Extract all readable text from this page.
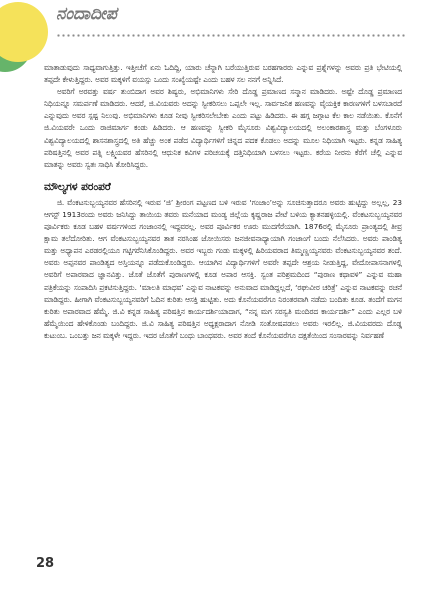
ನಂದಾದೀಪ

ಮಾತಾಡುವುದು ಸಾಧ್ಯವಾಗುತ್ತಿತ್ತು. ಇತ್ತೀಚೆಗೆ ಏನು ಓದಿದ್ದಿ, ಯಾರು ಚೆನ್ನಾಗಿ ಬರೆಯುತ್ತಿರುವ ಬರಹಗಾರರು ಎನ್ನುವ ಪ್ರಶ್ನೆಗಳನ್ನು ಅವರು ಪ್ರತಿ ಭೇಟಿಯಲ್ಲಿ ತಪ್ಪದೇ ಕೇಳುತ್ತಿದ್ದರು. ಅವರ ಮಕ್ಕಳಿಗೆ ವಯಸ್ಸು ಒಂದು ಸಂಖ್ಯೆಯಷ್ಟೇ ಎಂದು ಬಹಳ ಸಲ ನನಗೆ ಅನ್ನಿಸಿದೆ.

ಅವರಿಗೆ ಅರವತ್ತು ವರ್ಷ ತುಂಬಿದಾಗ ಅವರ ಶಿಷ್ಯರು, ಅಭಿಮಾನಿಗಳು ಸೇರಿ ದೊಡ್ಡ ಪ್ರಮಾಣದ ಸನ್ಮಾನ ಮಾಡಿದರು. ಅಷ್ಟೇ ದೊಡ್ಡ ಪ್ರಮಾಣದ ನಿಧಿಯನ್ನೂ ಸಮರ್ಪಣೆ ಮಾಡಿದರು. ಆದರೆ, ಜಿ.ವಿಯವರು ಅದನ್ನು ಸ್ವೀಕರಿಸಲು ಒಪ್ಪಲೇ ಇಲ್ಲ. ಸಾರ್ವಜನಿಕ ಹಣವನ್ನು ವೈಯಕ್ತಿಕ ಕಾರಣಗಳಿಗೆ ಬಳಸಬಾರದೆ ಎನ್ನುವುದು ಅವರ ಸ್ಪಷ್ಟ ನಿಲುವು. ಅಭಿಮಾನಿಗಳು ಕೂಡ ನೀವು ಸ್ವೀಕರಿಸಲೇಬೇಕು ಎಂದು ಪಟ್ಟು ಹಿಡಿದರು. ಈ ಹಗ್ಗ ಜಗ್ಗಾಟ ಕೆಲ ಕಾಲ ನಡೆಯಿತು. ಕೊನೆಗೆ ಜಿ.ವಿಯವರೇ ಒಂದು ರಾಜಿಮಾರ್ಗ ಕಂಡು ಹಿಡಿದರು. ಆ ಹಣವನ್ನು ಸ್ವೀಕರಿ ಮೈಸೂರು ವಿಶ್ವವಿದ್ಯಾಲಯದಲ್ಲಿ ಅಲಂಕಾರಶಾಸ್ತ್ರ ಮತ್ತು ಬೆಂಗಳೂರು ವಿಶ್ವವಿದ್ಯಾಲಯದಲ್ಲಿ ಶಾಸನಶಾಸ್ತ್ರದಲ್ಲಿ ಅತಿ ಹೆಚ್ಚು ಅಂಕ ಪಡೆದ ವಿದ್ಯಾರ್ಥಿಗಳಿಗೆ ಚಿನ್ನದ ಪದಕ ಕೊಡಲು ಅದನ್ನು ಮೂಲ ನಿಧಿಯಾಗಿ ಇಟ್ಟರು. ಕನ್ನಡ ಸಾಹಿತ್ಯ ಪರಿಷತ್ತಿನಲ್ಲಿ ಅವರ ಪತ್ನಿ ಲಕ್ಷ್ಮಿಯವರ ಹೆಸರಿನಲ್ಲಿ ಆಧುನಿಕ ಕವಿಗಳ ಪರಿಚಯಕ್ಕೆ ದತ್ತಿನಿಧಿಯಾಗಿ ಬಳಸಲು ಇಟ್ಟರು. ಕರೆಯ ನೀರನು ಕೆರೆಗೆ ಚೆಲ್ಲಿ ಎನ್ನುವ ಮಾತನ್ನು ಅವರು ಸ್ವತಃ ಸಾಧಿಸಿ ತೋರಿಸಿದ್ದರು.

ಮೌಲ್ಯಗಳ ಪರಂಪರೆ

ಜಿ. ವೆಂಕಟಸುಬ್ಬಯ್ಯನವರ ಹೆಸರಿನಲ್ಲಿ ಇರುವ ‘ಜಿ’ ಶ್ರೀರಂಗ ಪಟ್ಟಣದ ಬಳಿ ಇರುವ ‘ಗಂಜಾಂ’ಅನ್ನು ಸೂಚಿಸುತ್ತಾದರೂ ಅವರು ಹುಟ್ಟಿದ್ದು ಅಲ್ಲಲ್ಲ, 23 ಆಗಸ್ಟ್ 1913ರಂದು ಅವರು ಜನಿಸಿದ್ದು ತಾಯಿಯ ತವರು ಮನೆಯಾದ ಮಂಡ್ಯ ಜಿಲ್ಲೆಯ ಕೃಷ್ಣರಾಜ ಪೇಟೆ ಬಳಿಯ ಕ್ಯಾತನಹಳ್ಳಿಯಲ್ಲಿ. ವೆಂಕಟಸುಬ್ಬಯ್ಯನವರ ಪೂರ್ವಿಕರು ಕೂಡ ಬಹಳ ವರ್ಷಗಳಿಂದ ಗಂಜಾಂನಲ್ಲಿ ಇದ್ದವರಲ್ಲ. ಅವರ ಪೂರ್ವಿಕರ ಊರು ಮುದಗೆರೆಯಾಗಿ. 1876ರಲ್ಲಿ ಮೈಸೂರು ಪ್ರಾಂತ್ಯದಲ್ಲಿ ತೀವ್ರ ಕ್ಷಾಮ ತಲೆದೋರಿತು. ಆಗ ವೆಂಕಟಸುಬ್ಬಯ್ಯನವರ ತಾತ ನರಸಿಂಹ ಜೋಯಿಸರು ಜನಜೀವನಾಧ್ಯಾಯಾಗಿ ಗಂಜಾಂಗೆ ಬಂದು ನೆಲೆಸಿದರು. ಅವರು ಪಾಂಡಿತ್ಯ ಮತ್ತು ಅಧ್ಯಾಪನ ಎರಡರಲ್ಲಿಯೂ ಗಟ್ಟಿಗರೆನಿಸಿಕೊಂಡಿದ್ದರು. ಅವರ ಇಬ್ಬರು ಗಂಡು ಮಕ್ಕಳಲ್ಲಿ ಹಿರಿಯವರಾದ ತಿಮ್ಮಣ್ಣಯ್ಯನವರು ವೆಂಕಟಸುಬ್ಬಯ್ಯನವರ ತಂದೆ. ಅವರು ಅಪ್ಪನವರ ಪಾಂಡಿತ್ಯದ ಅಸ್ತಿಯನ್ನೂ ಪಡೆದುಕೊಂಡಿದ್ದರು. ಆಯಾಗಿನ ವಿದ್ಯಾರ್ಥಿಗಳಿಗೆ ಅವರೇ ತಪ್ಪದೇ ಆಶ್ರಯ ನೀಡುತ್ತಿದ್ದ, ವೇದೋಪಾಸನಾಗಳಲ್ಲಿ ಅವರಿಗೆ ಅಪಾರವಾದ ಜ್ಞಾನವಿತ್ತು. ಜೊತೆ ಜೊತೆಗೆ ಪುರಾಣಗಳಲ್ಲಿ ಕೂಡ ಅಪಾರ ಆಸಕ್ತಿ. ಸ್ವಂತ ಪರಿಶ್ರಮದಿಂದ “ಪುರಾಣ ಕಥಾವಳಿ” ಎನ್ನುವ ಮಹಾ ಪತ್ರಿಕೆಯನ್ನು ಸಂಪಾದಿಸಿ ಪ್ರಕಟಿಸುತ್ತಿದ್ದರು. ‘ಮಾಲತಿ ಮಾಧವ’ ಎನ್ನುವ ನಾಟಕವನ್ನು ಅನುವಾದ ಮಾಡಿದ್ದಲ್ಲದೆ, ‘ರಘುವೀರ ಚರಿತ್ರೆ’ ಎನ್ನುವ ನಾಟಕವನ್ನು ರಚನೆ ಮಾಡಿದ್ದರು. ಹೀಗಾಗಿ ವೆಂಕಟಸುಬ್ಬಯ್ಯನವರಿಗೆ ಓದಿನ ಕುರಿತು ಆಸಕ್ತಿ ಹುಟ್ಟಿತು. ಅದು ಕೊನೆಯವರೆಗೂ ನಿರಂತರವಾಗಿ ನಡೆದು ಬಂದಿತು ಕೂಡ. ತಂದೆಗೆ ಮಗನ ಕುರಿತು ಅಪಾರವಾದ ಹೆಮ್ಮೆ. ಜಿ.ವಿ ಕನ್ನಡ ಸಾಹಿತ್ಯ ಪರಿಷತ್ತಿನ ಕಾರ್ಯದರ್ಶಿಯಾದಾಗ, “ನನ್ನ ಮಗ ಸರಸ್ವತಿ ಮಂದಿರದ ಕಾರ್ಯದರ್ಶಿ” ಎಂದು ಎಲ್ಲರ ಬಳಿ ಹೆಮ್ಮೆಯಿಂದ ಹೇಳಿಕೊಂಡು ಬಂದಿದ್ದರು. ಜಿ.ವಿ ಸಾಹಿತ್ಯ ಪರಿಷತ್ತಿನ ಅಧ್ಯಕ್ಷರಾದಾಗ ನೋಡಿ ಸಂತೋಷಪಡಲು ಅವರು ಇರಲಿಲ್ಲ. ಜಿ.ವಿಯವರದು ದೊಡ್ಡ ಕುಟುಂಬ. ಒಂಬತ್ತು ಜನ ಮಕ್ಕಳೇ ಇದ್ದರು. ಇದರ ಜೊತೆಗೆ ಬಂಧು ಬಾಂಧವರು. ಅವರ ತಂದೆ ಕೊನೆಯವರೆಗೂ ದಕ್ಷತೆಯಿಂದ ಸಂಸಾರವನ್ನು ನಿರ್ವಹಣೆ

28
